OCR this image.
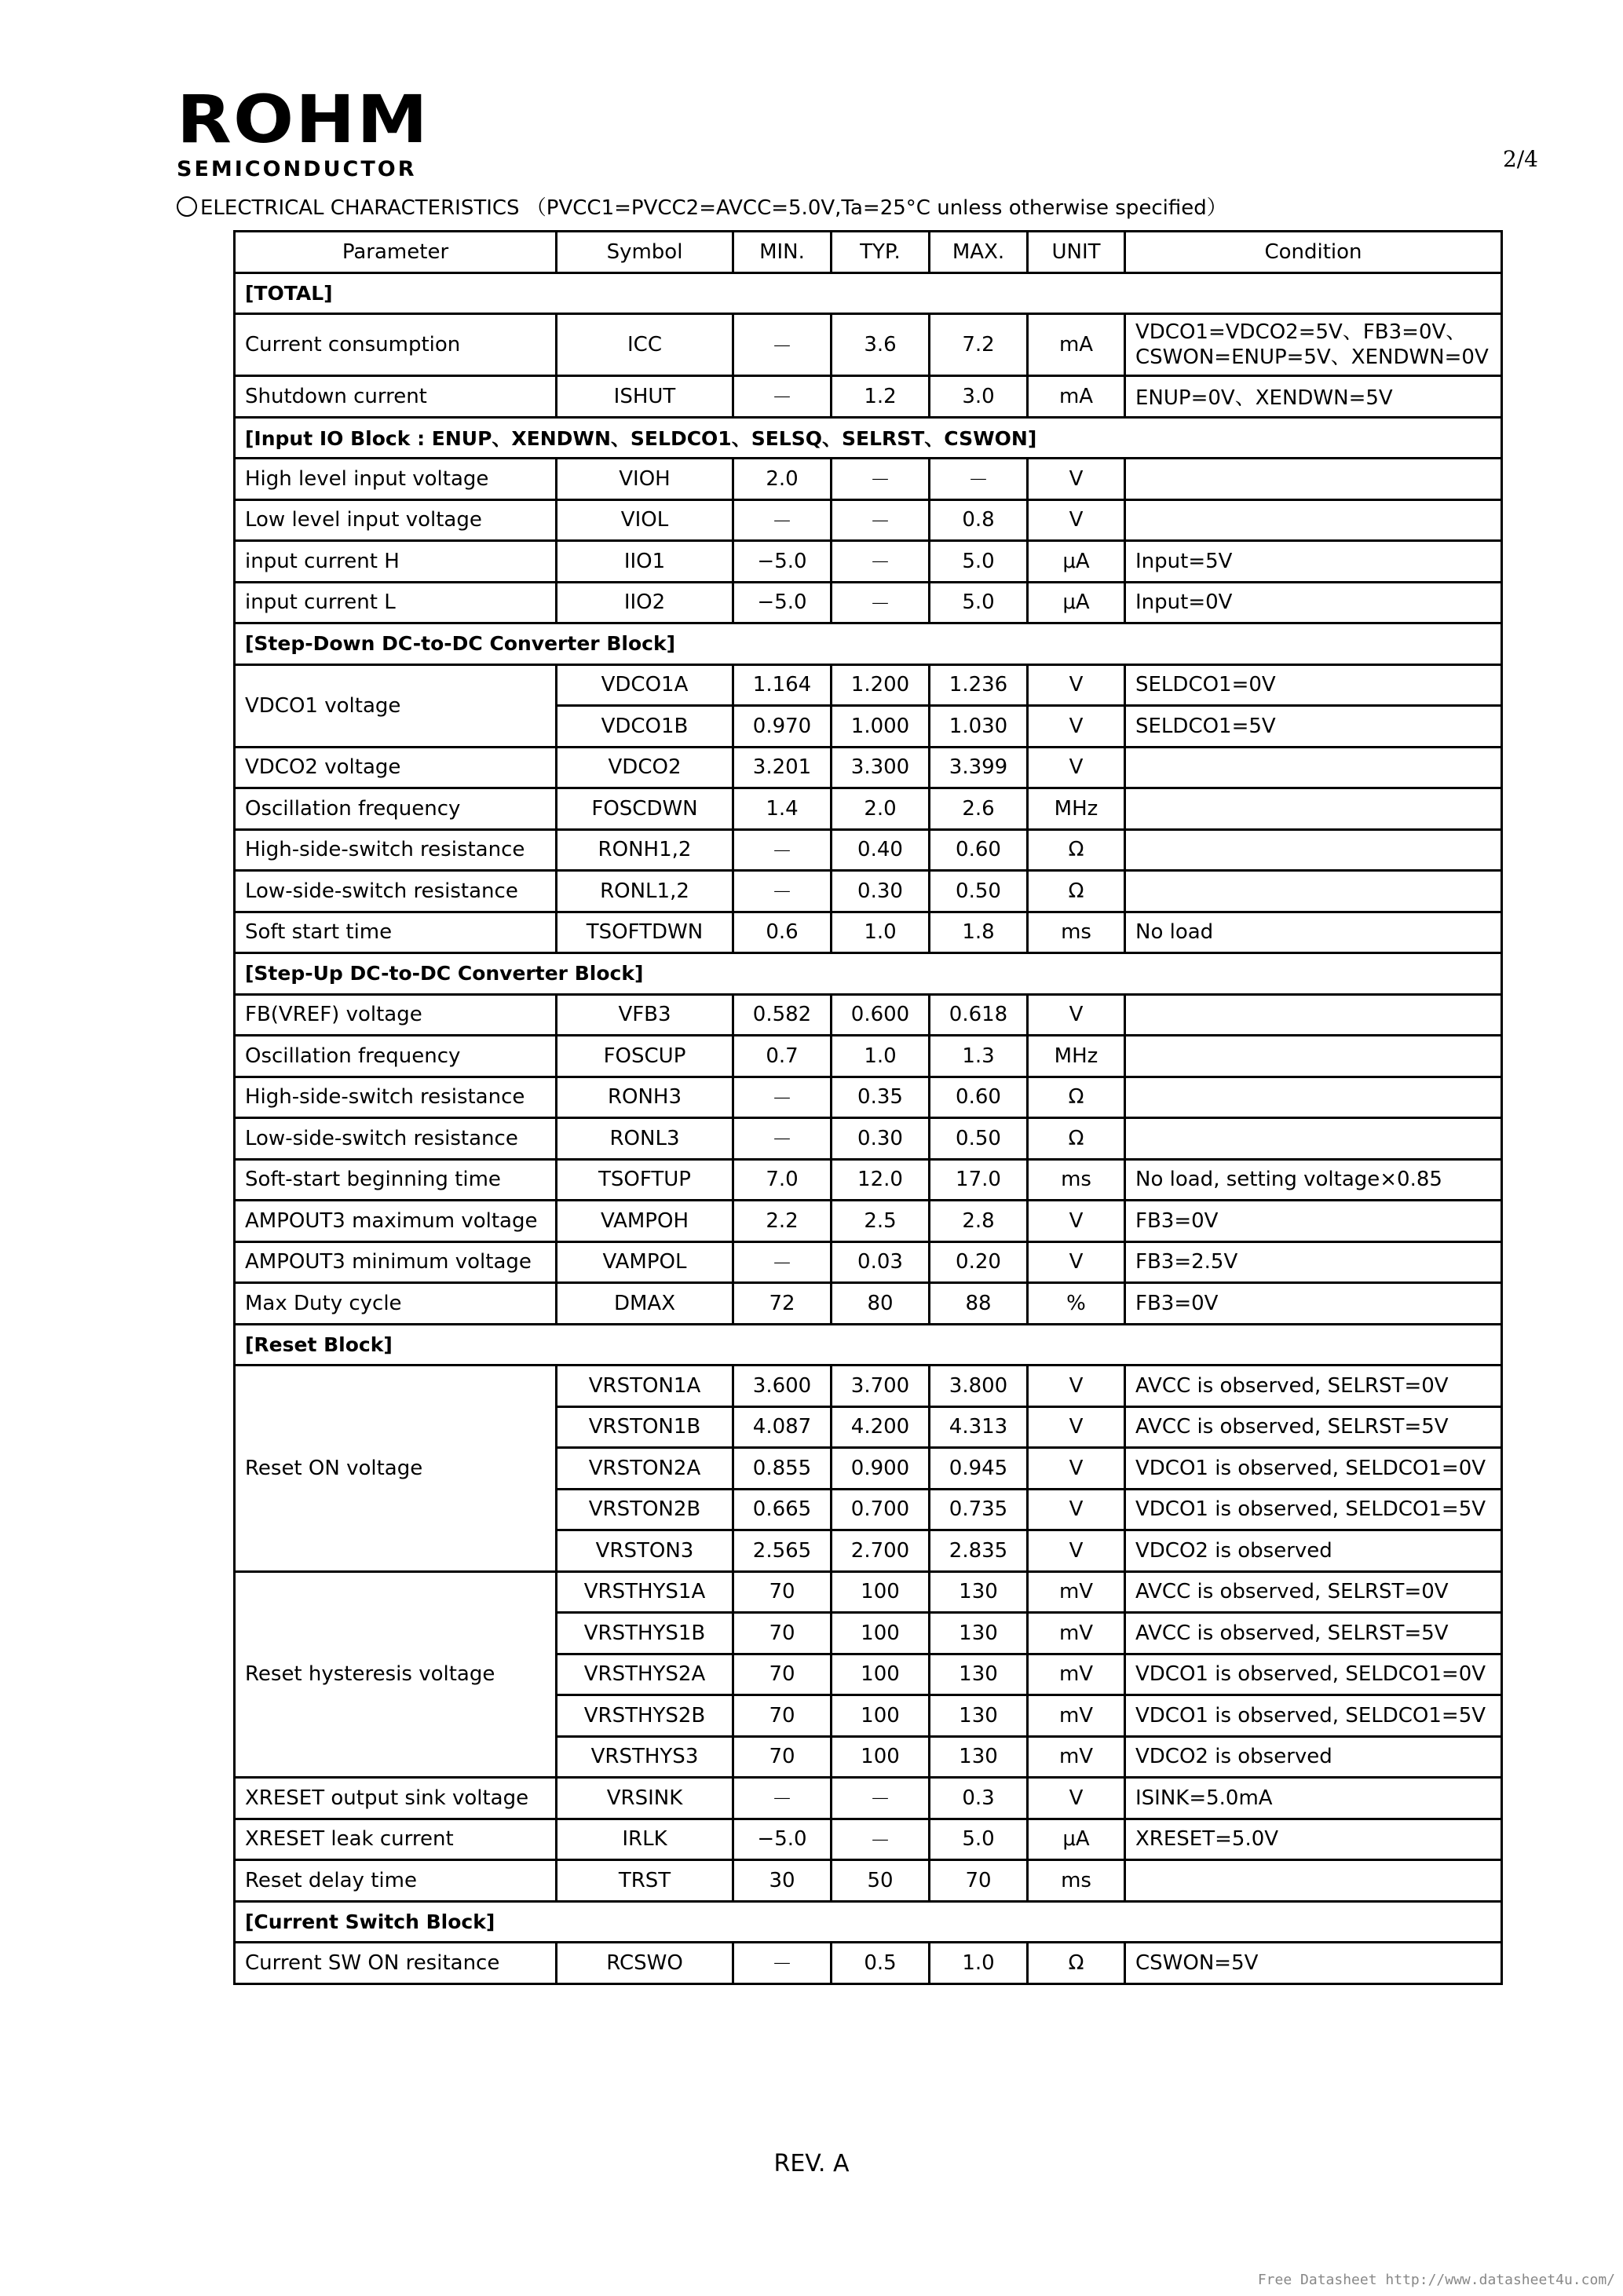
ROHM
SEMICONDUCTOR	2/4
ELECTRICAL CHARACTERISTICS （PVCC1=PVCC2=AVCC=5.0V,Ta=25°C unless otherwise specified）
Parameter	Symbol	MIN.	TYP.	MAX.	UNIT	Condition
[TOTAL]						
Current consumption	ICC	－	3.6	7.2	mA	VDCO1=VDCO2=5V、FB3=0V、
CSWON=ENUP=5V、XENDWN=0V

Shutdown current	ISHUT	－	1.2	3.0	mA	ENUP=0V、XENDWN=5V
[Input IO Block : ENUP、XENDWN、SELDCO1、SELSQ、SELRST、CSWON]						
High level input voltage	VIOH	2.0	－	－	V	
Low level input voltage	VIOL	－	－	0.8	V	
input current H	IIO1	−5.0	－	5.0	μA	Input=5V
input current L	IIO2	−5.0	－	5.0	μA	Input=0V
[Step-Down DC-to-DC Converter Block]						
VDCO1 voltage	VDCO1A	1.164	1.200	1.236	V	SELDCO1=0V
	VDCO1B	0.970	1.000	1.030	V	SELDCO1=5V
VDCO2 voltage	VDCO2	3.201	3.300	3.399	V	
Oscillation frequency	FOSCDWN	1.4	2.0	2.6	MHz	
High-side-switch resistance	RONH1,2	－	0.40	0.60	Ω	
Low-side-switch resistance	RONL1,2	－	0.30	0.50	Ω	
Soft start time	TSOFTDWN	0.6	1.0	1.8	ms	No load
[Step-Up DC-to-DC Converter Block]						
FB(VREF) voltage	VFB3	0.582	0.600	0.618	V	
Oscillation frequency	FOSCUP	0.7	1.0	1.3	MHz	
High-side-switch resistance	RONH3	－	0.35	0.60	Ω	
Low-side-switch resistance	RONL3	－	0.30	0.50	Ω	
Soft-start beginning time	TSOFTUP	7.0	12.0	17.0	ms	No load, setting voltage×0.85
AMPOUT3 maximum voltage	VAMPOH	2.2	2.5	2.8	V	FB3=0V
AMPOUT3 minimum voltage	VAMPOL	－	0.03	0.20	V	FB3=2.5V
Max Duty cycle	DMAX	72	80	88	%	FB3=0V
[Reset Block]						
Reset ON voltage	VRSTON1A	3.600	3.700	3.800	V	AVCC is observed, SELRST=0V
	VRSTON1B	4.087	4.200	4.313	V	AVCC is observed, SELRST=5V
	VRSTON2A	0.855	0.900	0.945	V	VDCO1 is observed, SELDCO1=0V
	VRSTON2B	0.665	0.700	0.735	V	VDCO1 is observed, SELDCO1=5V
	VRSTON3	2.565	2.700	2.835	V	VDCO2 is observed
Reset hysteresis voltage	VRSTHYS1A	70	100	130	mV	AVCC is observed, SELRST=0V
	VRSTHYS1B	70	100	130	mV	AVCC is observed, SELRST=5V
	VRSTHYS2A	70	100	130	mV	VDCO1 is observed, SELDCO1=0V
	VRSTHYS2B	70	100	130	mV	VDCO1 is observed, SELDCO1=5V
	VRSTHYS3	70	100	130	mV	VDCO2 is observed
XRESET output sink voltage	VRSINK	－	－	0.3	V	ISINK=5.0mA
XRESET leak current	IRLK	−5.0	－	5.0	μA	XRESET=5.0V
Reset delay time	TRST	30	50	70	ms	
[Current Switch Block]						
Current SW ON resitance	RCSWO	－	0.5	1.0	Ω	CSWON=5V
REV. A
Free Datasheet http://www.datasheet4u.com/
